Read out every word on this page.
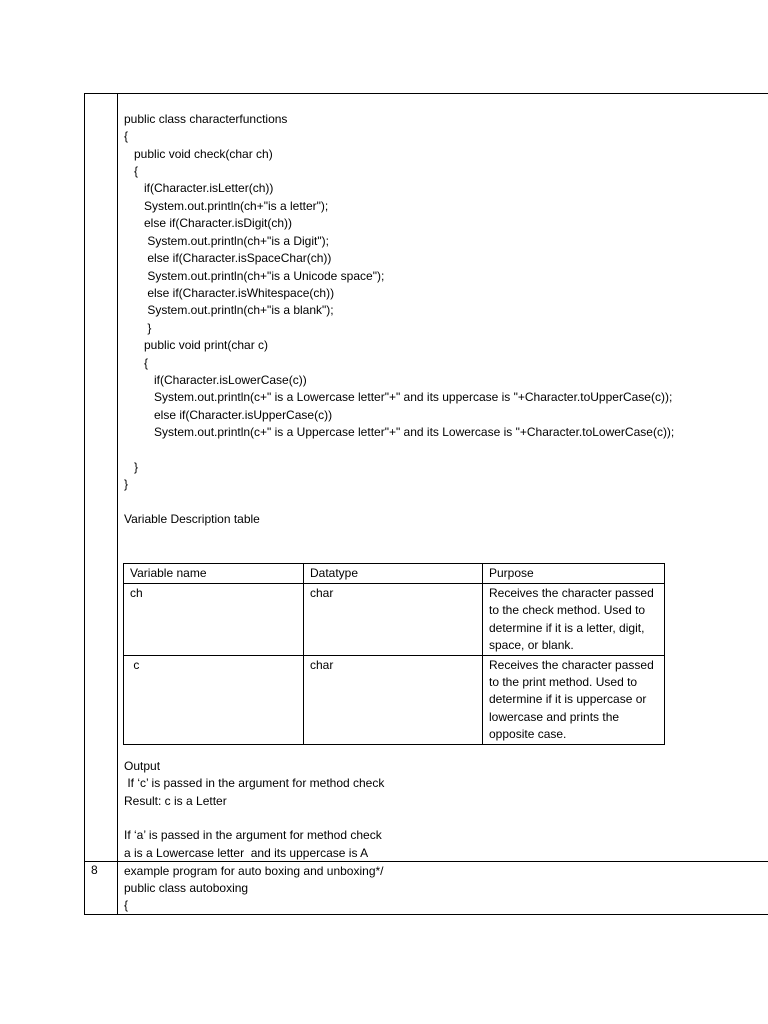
public class characterfunctions
{
public void check(char ch)
{
if(Character.isLetter(ch))
System.out.println(ch+"is a letter");
else if(Character.isDigit(ch))
System.out.println(ch+"is a Digit");
else if(Character.isSpaceChar(ch))
System.out.println(ch+"is a Unicode space");
else if(Character.isWhitespace(ch))
System.out.println(ch+"is a blank");
}
public void print(char c)
{
if(Character.isLowerCase(c))
System.out.println(c+" is a Lowercase letter"+" and its uppercase is "+Character.toUpperCase(c));
else if(Character.isUpperCase(c))
System.out.println(c+" is a Uppercase letter"+" and its Lowercase is "+Character.toLowerCase(c));
}
}
Variable Description table
Variable name	Datatype	Purpose
ch	char	Receives the character passed to the check method. Used to determine if it is a letter, digit, space, or blank.
c	char	Receives the character passed to the print method. Used to determine if it is uppercase or lowercase and prints the opposite case.
Output
If ‘c’ is passed in the argument for method check
Result: c is a Letter
If ‘a’ is passed in the argument for method check
a is a Lowercase letter  and its uppercase is A
8 example program for auto boxing and unboxing*/
public class autoboxing
{
